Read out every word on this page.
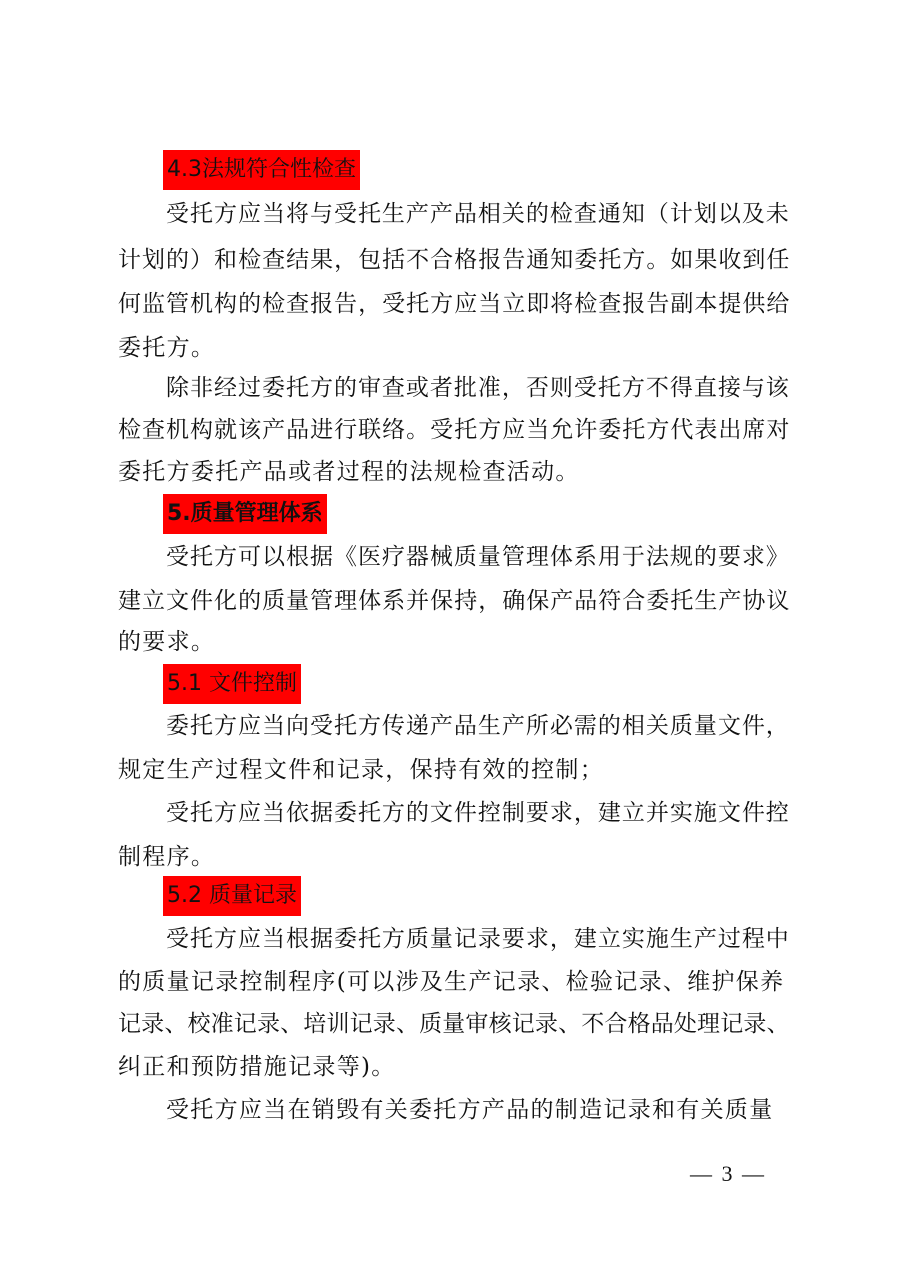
4.3法规符合性检查
受托方应当将与受托生产产品相关的检查通知（计划以及未
计划的）和检查结果，包括不合格报告通知委托方。如果收到任
何监管机构的检查报告，受托方应当立即将检查报告副本提供给
委托方。
除非经过委托方的审查或者批准，否则受托方不得直接与该
检查机构就该产品进行联络。受托方应当允许委托方代表出席对
委托方委托产品或者过程的法规检查活动。
5.质量管理体系
受托方可以根据《医疗器械质量管理体系用于法规的要求》
建立文件化的质量管理体系并保持，确保产品符合委托生产协议
的要求。
5.1 文件控制
委托方应当向受托方传递产品生产所必需的相关质量文件，
规定生产过程文件和记录，保持有效的控制；
受托方应当依据委托方的文件控制要求，建立并实施文件控
制程序。
5.2 质量记录
受托方应当根据委托方质量记录要求，建立实施生产过程中
的质量记录控制程序(可以涉及生产记录、检验记录、维护保养
记录、校准记录、培训记录、质量审核记录、不合格品处理记录、
纠正和预防措施记录等)。
受托方应当在销毁有关委托方产品的制造记录和有关质量
— 3 —
